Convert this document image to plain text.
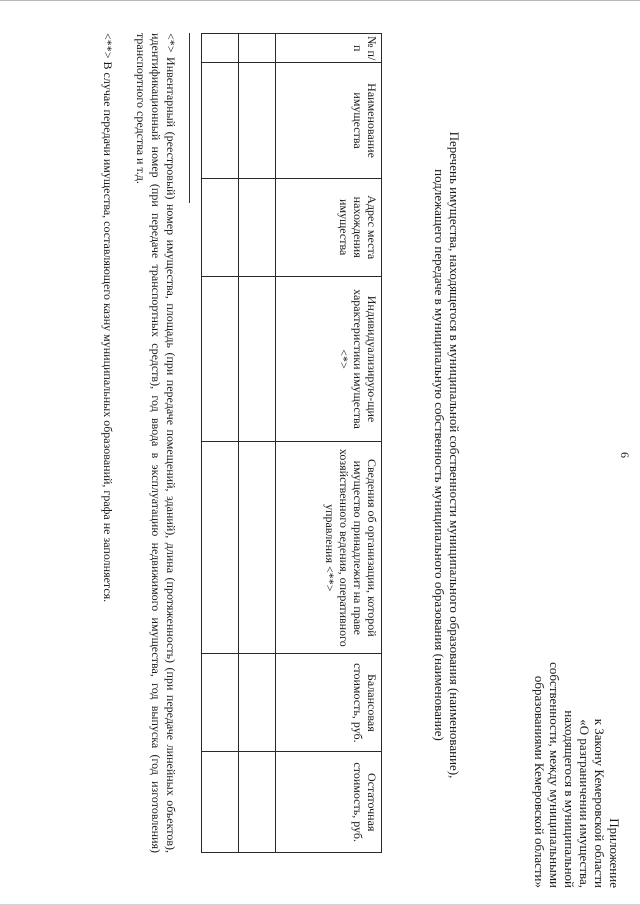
6
Приложение
к Закону Кемеровской области
«О разграничении имущества,
находящегося в муниципальной
собственности, между муниципальными
образованиями Кемеровской области»
Перечень имущества, находящегося в муниципальной собственности муниципального образования (наименование),
подлежащего передаче в муниципальную собственность муниципального образования (наименование)
№ п/п	Наименование имущества	Адрес места нахождения имущества	Индивидуализирую-щие характеристики имущества <*>	Сведения об организации, которой имущество принадлежит на праве хозяйственного ведения, оперативного управления <**>	Балансовая стоимость, руб.	Остаточная стоимость, руб.

<*> Инвентарный (реестровый) номер имущества, площадь (при передаче помещений, зданий), длина (протяженность) (при передаче линейных объектов), идентификационный номер (при передаче транспортных средств), год ввода в эксплуатацию недвижимого имущества, год выпуска (год изготовления) транспортного средства и т.д.
<**> В случае передачи имущества, составляющего казну муниципальных образований, графа не заполняется.
